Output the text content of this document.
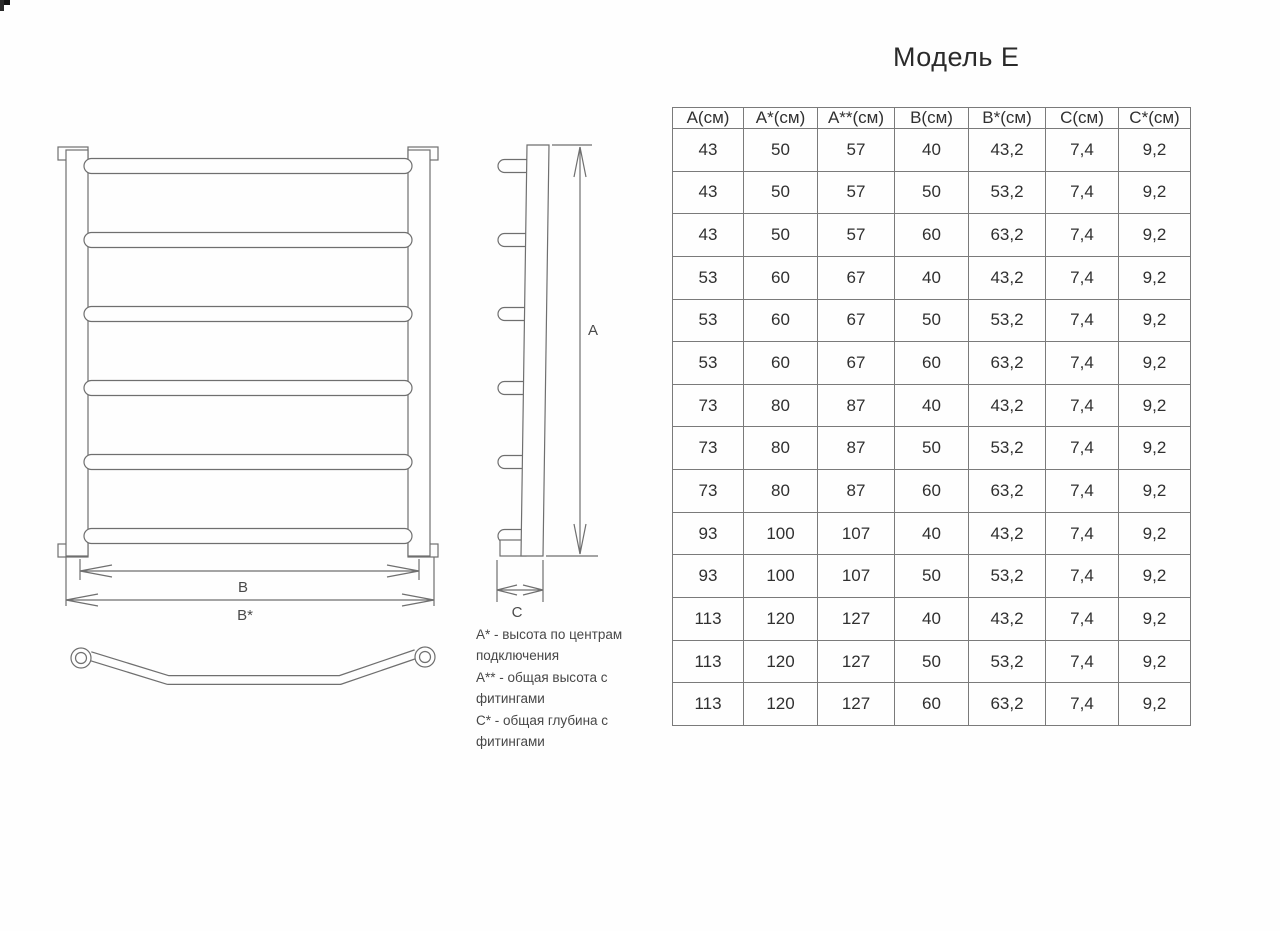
Модель Е
В
В*
А
С

А* - высота по центрам подключения

А** - общая высота с фитингами

С* - общая глубина с фитингами

А(см)	А*(см)	А**(см)	В(см)	В*(см)	С(см)	С*(см)
43	50	57	40	43,2	7,4	9,2
43	50	57	50	53,2	7,4	9,2
43	50	57	60	63,2	7,4	9,2
53	60	67	40	43,2	7,4	9,2
53	60	67	50	53,2	7,4	9,2
53	60	67	60	63,2	7,4	9,2
73	80	87	40	43,2	7,4	9,2
73	80	87	50	53,2	7,4	9,2
73	80	87	60	63,2	7,4	9,2
93	100	107	40	43,2	7,4	9,2
93	100	107	50	53,2	7,4	9,2
113	120	127	40	43,2	7,4	9,2
113	120	127	50	53,2	7,4	9,2
113	120	127	60	63,2	7,4	9,2
